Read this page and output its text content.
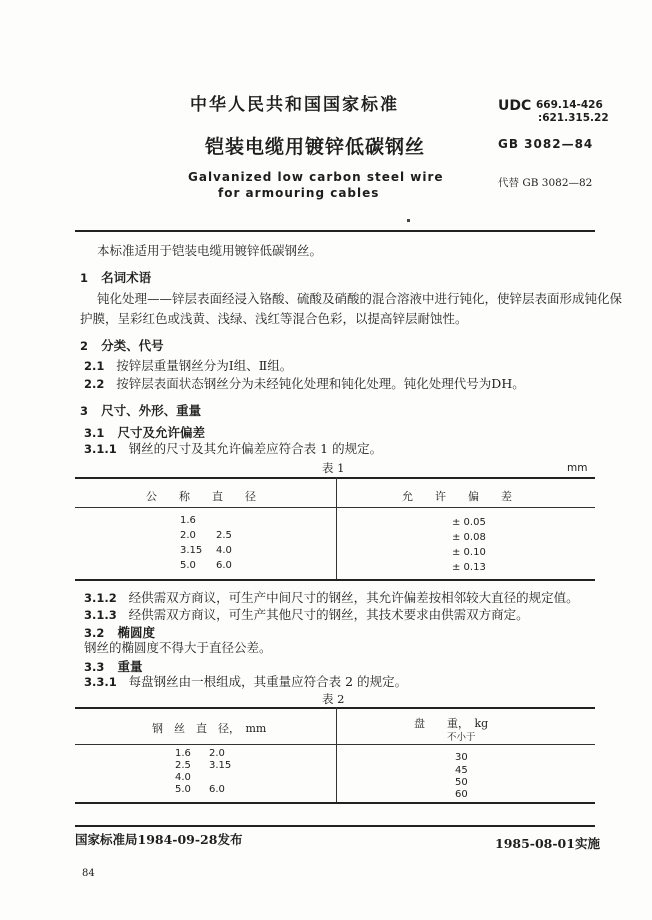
中华人民共和国国家标准	UDC 669.14-426
:621.315.22
铠装电缆用镀锌低碳钢丝	GB 3082—84
Galvanized low carbon steel wire
for armouring cables
代替 GB 3082—82
本标准适用于铠装电缆用镀锌低碳钢丝。
1 名词术语
钝化处理——锌层表面经浸入铬酸、硫酸及硝酸的混合溶液中进行钝化，使锌层表面形成钝化保
护膜，呈彩红色或浅黄、浅绿、浅红等混合色彩，以提高锌层耐蚀性。
2 分类、代号
2.1 按锌层重量钢丝分为Ⅰ组、Ⅱ组。
2.2 按锌层表面状态钢丝分为未经钝化处理和钝化处理。钝化处理代号为DH。
3 尺寸、外形、重量
3.1 尺寸及允许偏差
3.1.1 钢丝的尺寸及其允许偏差应符合表 1 的规定。
表 1	mm
公　　称　　直　　径	允　　许　　偏　　差
1.6	± 0.05
2.0 2.5	± 0.08
3.15 4.0	± 0.10
5.0 6.0	± 0.13
3.1.2 经供需双方商议，可生产中间尺寸的钢丝，其允许偏差按相邻较大直径的规定值。
3.1.3 经供需双方商议，可生产其他尺寸的钢丝，其技术要求由供需双方商定。
3.2 椭圆度
钢丝的椭圆度不得大于直径公差。
3.3 重量
3.3.1 每盘钢丝由一根组成，其重量应符合表 2 的规定。
表 2
钢　丝　直　径，　mm	盘　　重，　kg
不小于
1.6 2.0	30
2.5 3.15	45
4.0	50
5.0 6.0	60
国家标准局1984-09-28发布	1985-08-01实施
84
